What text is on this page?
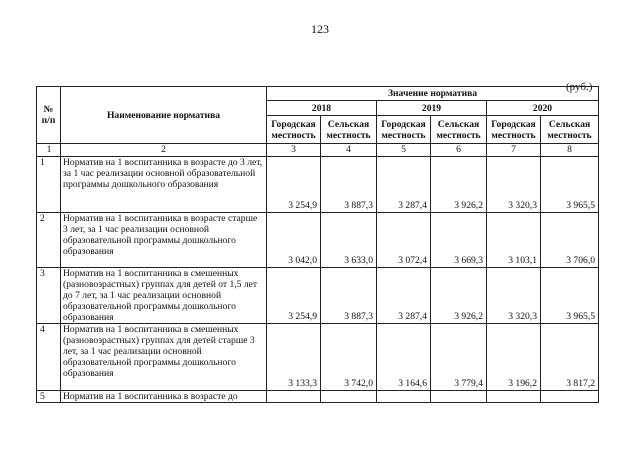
123
(руб.)
№ п/п	Наименование норматива	Значение норматива					
		2018		2019		2020	
		Городская местность	Сельская местность	Городская местность	Сельская местность	Городская местность	Сельская местность
1	2	3	4	5	6	7	8
1	Норматив на 1 воспитанника в возрасте до 3 лет, за 1 час реализации основной образовательной программы дошкольного образования	3 254,9	3 887,3	3 287,4	3 926,2	3 320,3	3 965,5
2	Норматив на 1 воспитанника в возрасте старше 3 лет, за 1 час реализации основной образовательной программы дошкольного образования	3 042,0	3 633,0	3 072,4	3 669,3	3 103,1	3 706,0
3	Норматив на 1 воспитанника в смешенных (разновозрастных) группах для детей от 1,5 лет до 7 лет, за 1 час реализации основной образовательной программы дошкольного образования	3 254,9	3 887,3	3 287,4	3 926,2	3 320,3	3 965,5
4	Норматив на 1 воспитанника в смешенных (разновозрастных) группах для детей старше 3 лет, за 1 час реализации основной образовательной программы дошкольного образования	3 133,3	3 742,0	3 164,6	3 779,4	3 196,2	3 817,2
5	Норматив на 1 воспитанника в возрасте до						
